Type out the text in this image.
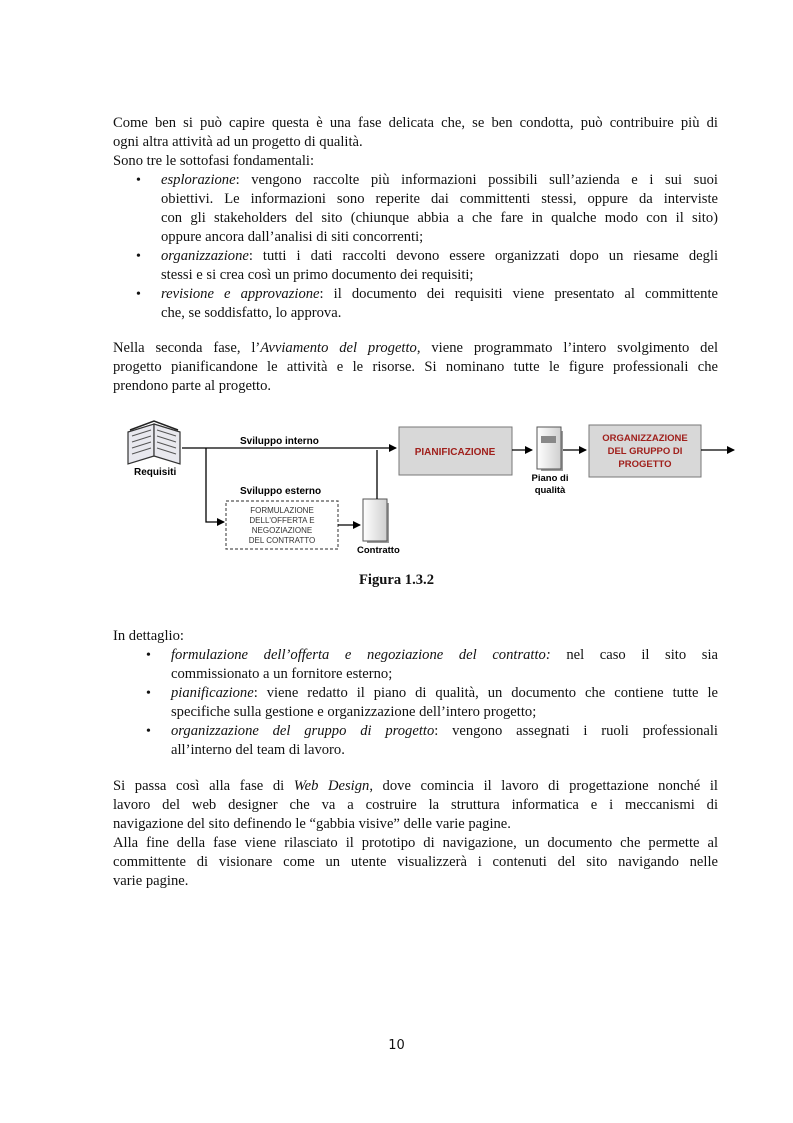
Come ben si può capire questa è una fase delicata che, se ben condotta, può contribuire più di
ogni altra attività ad un progetto di qualità.
Sono tre le sottofasi fondamentali:
• esplorazione: vengono raccolte più informazioni possibili sull’azienda e i sui suoi
obiettivi. Le informazioni sono reperite dai committenti stessi, oppure da interviste
con gli stakeholders del sito (chiunque abbia a che fare in qualche modo con il sito)
oppure ancora dall’analisi di siti concorrenti;
• organizzazione: tutti i dati raccolti devono essere organizzati dopo un riesame degli
stessi e si crea così un primo documento dei requisiti;
• revisione e approvazione: il documento dei requisiti viene presentato al committente
che, se soddisfatto, lo approva.
Nella seconda fase, l’Avviamento del progetto, viene programmato l’intero svolgimento del
progetto pianificandone le attività e le risorse. Si nominano tutte le figure professionali che
prendono parte al progetto.
Requisiti
Sviluppo interno
Sviluppo esterno
FORMULAZIONE
DELL'OFFERTA E
NEGOZIAZIONE
DEL CONTRATTO
Contratto
PIANIFICAZIONE
Piano di
qualità
ORGANIZZAZIONE
DEL GRUPPO DI
PROGETTO
Figura 1.3.2
In dettaglio:
• formulazione dell’offerta e negoziazione del contratto: nel caso il sito sia
commissionato a un fornitore esterno;
• pianificazione: viene redatto il piano di qualità, un documento che contiene tutte le
specifiche sulla gestione e organizzazione dell’intero progetto;
• organizzazione del gruppo di progetto: vengono assegnati i ruoli professionali
all’interno del team di lavoro.
Si passa così alla fase di Web Design, dove comincia il lavoro di progettazione nonché il
lavoro del web designer che va a costruire la struttura informatica e i meccanismi di
navigazione del sito definendo le “gabbia visive” delle varie pagine.
Alla fine della fase viene rilasciato il prototipo di navigazione, un documento che permette al
committente di visionare come un utente visualizzerà i contenuti del sito navigando nelle
varie pagine.
10
